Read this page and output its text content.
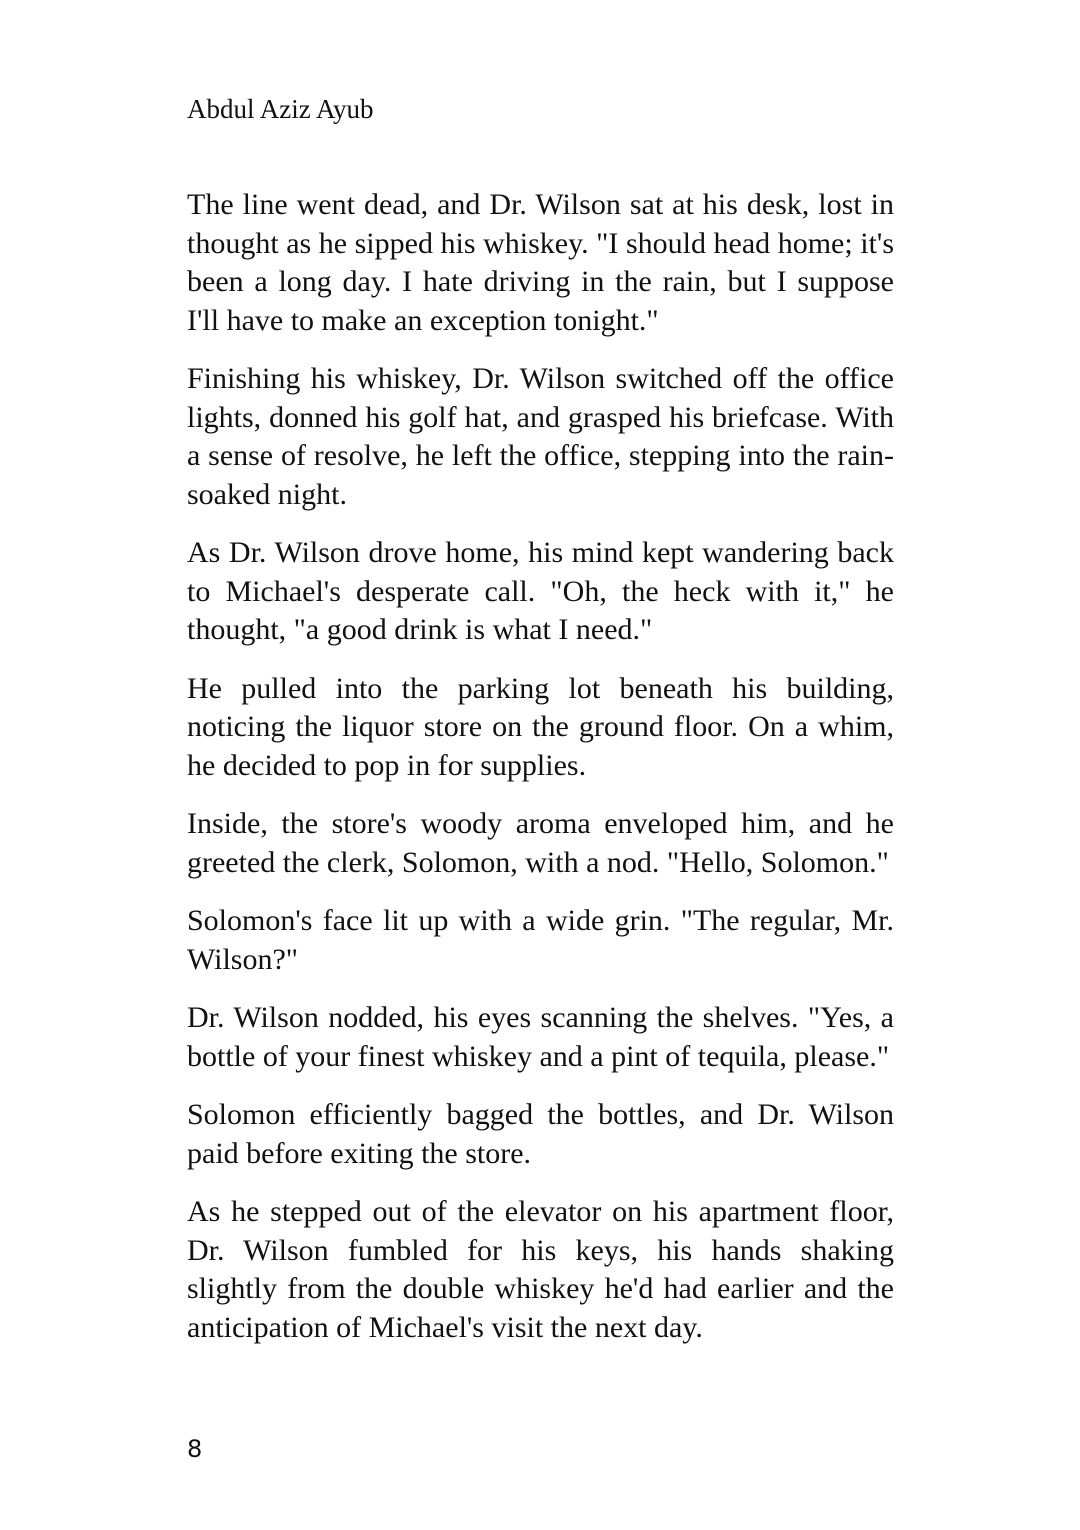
Abdul Aziz Ayub

The line went dead, and Dr. Wilson sat at his desk, lost in thought as he sipped his whiskey. "I should head home; it's been a long day. I hate driving in the rain, but I suppose I'll have to make an exception tonight."

Finishing his whiskey, Dr. Wilson switched off the office lights, donned his golf hat, and grasped his briefcase. With a sense of resolve, he left the office, stepping into the rain-soaked night.

As Dr. Wilson drove home, his mind kept wandering back to Michael's desperate call. "Oh, the heck with it," he thought, "a good drink is what I need."

He pulled into the parking lot beneath his building, noticing the liquor store on the ground floor. On a whim, he decided to pop in for supplies.

Inside, the store's woody aroma enveloped him, and he greeted the clerk, Solomon, with a nod. "Hello, Solomon."

Solomon's face lit up with a wide grin. "The regular, Mr. Wilson?"

Dr. Wilson nodded, his eyes scanning the shelves. "Yes, a bottle of your finest whiskey and a pint of tequila, please."

Solomon efficiently bagged the bottles, and Dr. Wilson paid before exiting the store.

As he stepped out of the elevator on his apartment floor, Dr. Wilson fumbled for his keys, his hands shaking slightly from the double whiskey he'd had earlier and the anticipation of Michael's visit the next day.

8
